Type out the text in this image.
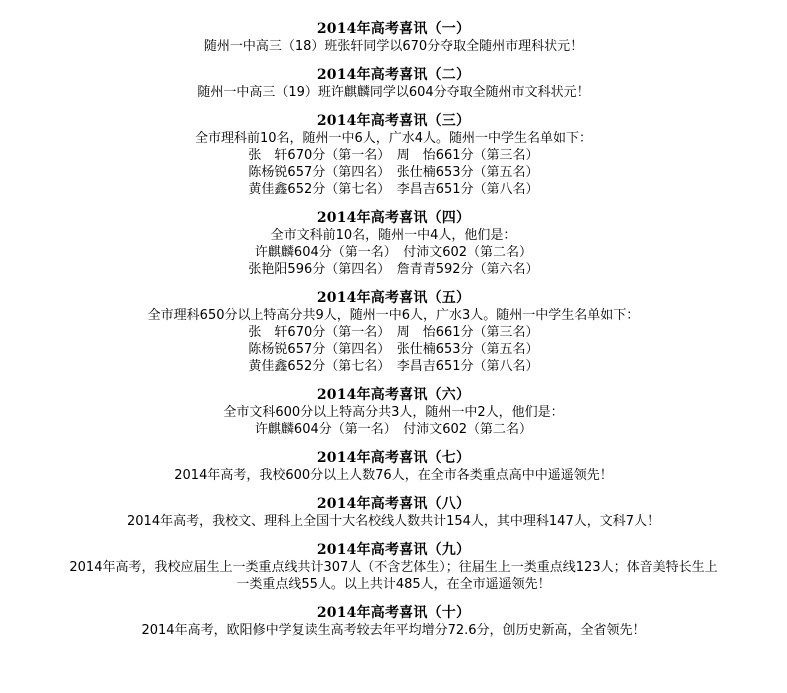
2014年高考喜讯（一）
随州一中高三（18）班张轩同学以670分夺取全随州市理科状元！
2014年高考喜讯（二）
随州一中高三（19）班许麒麟同学以604分夺取全随州市文科状元！
2014年高考喜讯（三）
全市理科前10名，随州一中6人，广水4人。随州一中学生名单如下：
张　轩670分（第一名）　周　怡661分（第三名）
陈杨锐657分（第四名）　张仕楠653分（第五名）
黄佳鑫652分（第七名）　李昌吉651分（第八名）
2014年高考喜讯（四）
全市文科前10名，随州一中4人，他们是：
许麒麟604分（第一名）　付沛文602（第二名）
张艳阳596分（第四名）　詹青青592分（第六名）
2014年高考喜讯（五）
全市理科650分以上特高分共9人，随州一中6人，广水3人。随州一中学生名单如下：
张　轩670分（第一名）　周　怡661分（第三名）
陈杨锐657分（第四名）　张仕楠653分（第五名）
黄佳鑫652分（第七名）　李昌吉651分（第八名）
2014年高考喜讯（六）
全市文科600分以上特高分共3人，随州一中2人，他们是：
许麒麟604分（第一名）　付沛文602（第二名）
2014年高考喜讯（七）
2014年高考，我校600分以上人数76人，在全市各类重点高中中遥遥领先！
2014年高考喜讯（八）
2014年高考，我校文、理科上全国十大名校线人数共计154人，其中理科147人，文科7人！
2014年高考喜讯（九）
2014年高考，我校应届生上一类重点线共计307人（不含艺体生）；往届生上一类重点线123人；体音美特长生上
一类重点线55人。以上共计485人，在全市遥遥领先！
2014年高考喜讯（十）
2014年高考，欧阳修中学复读生高考较去年平均增分72.6分，创历史新高，全省领先！
